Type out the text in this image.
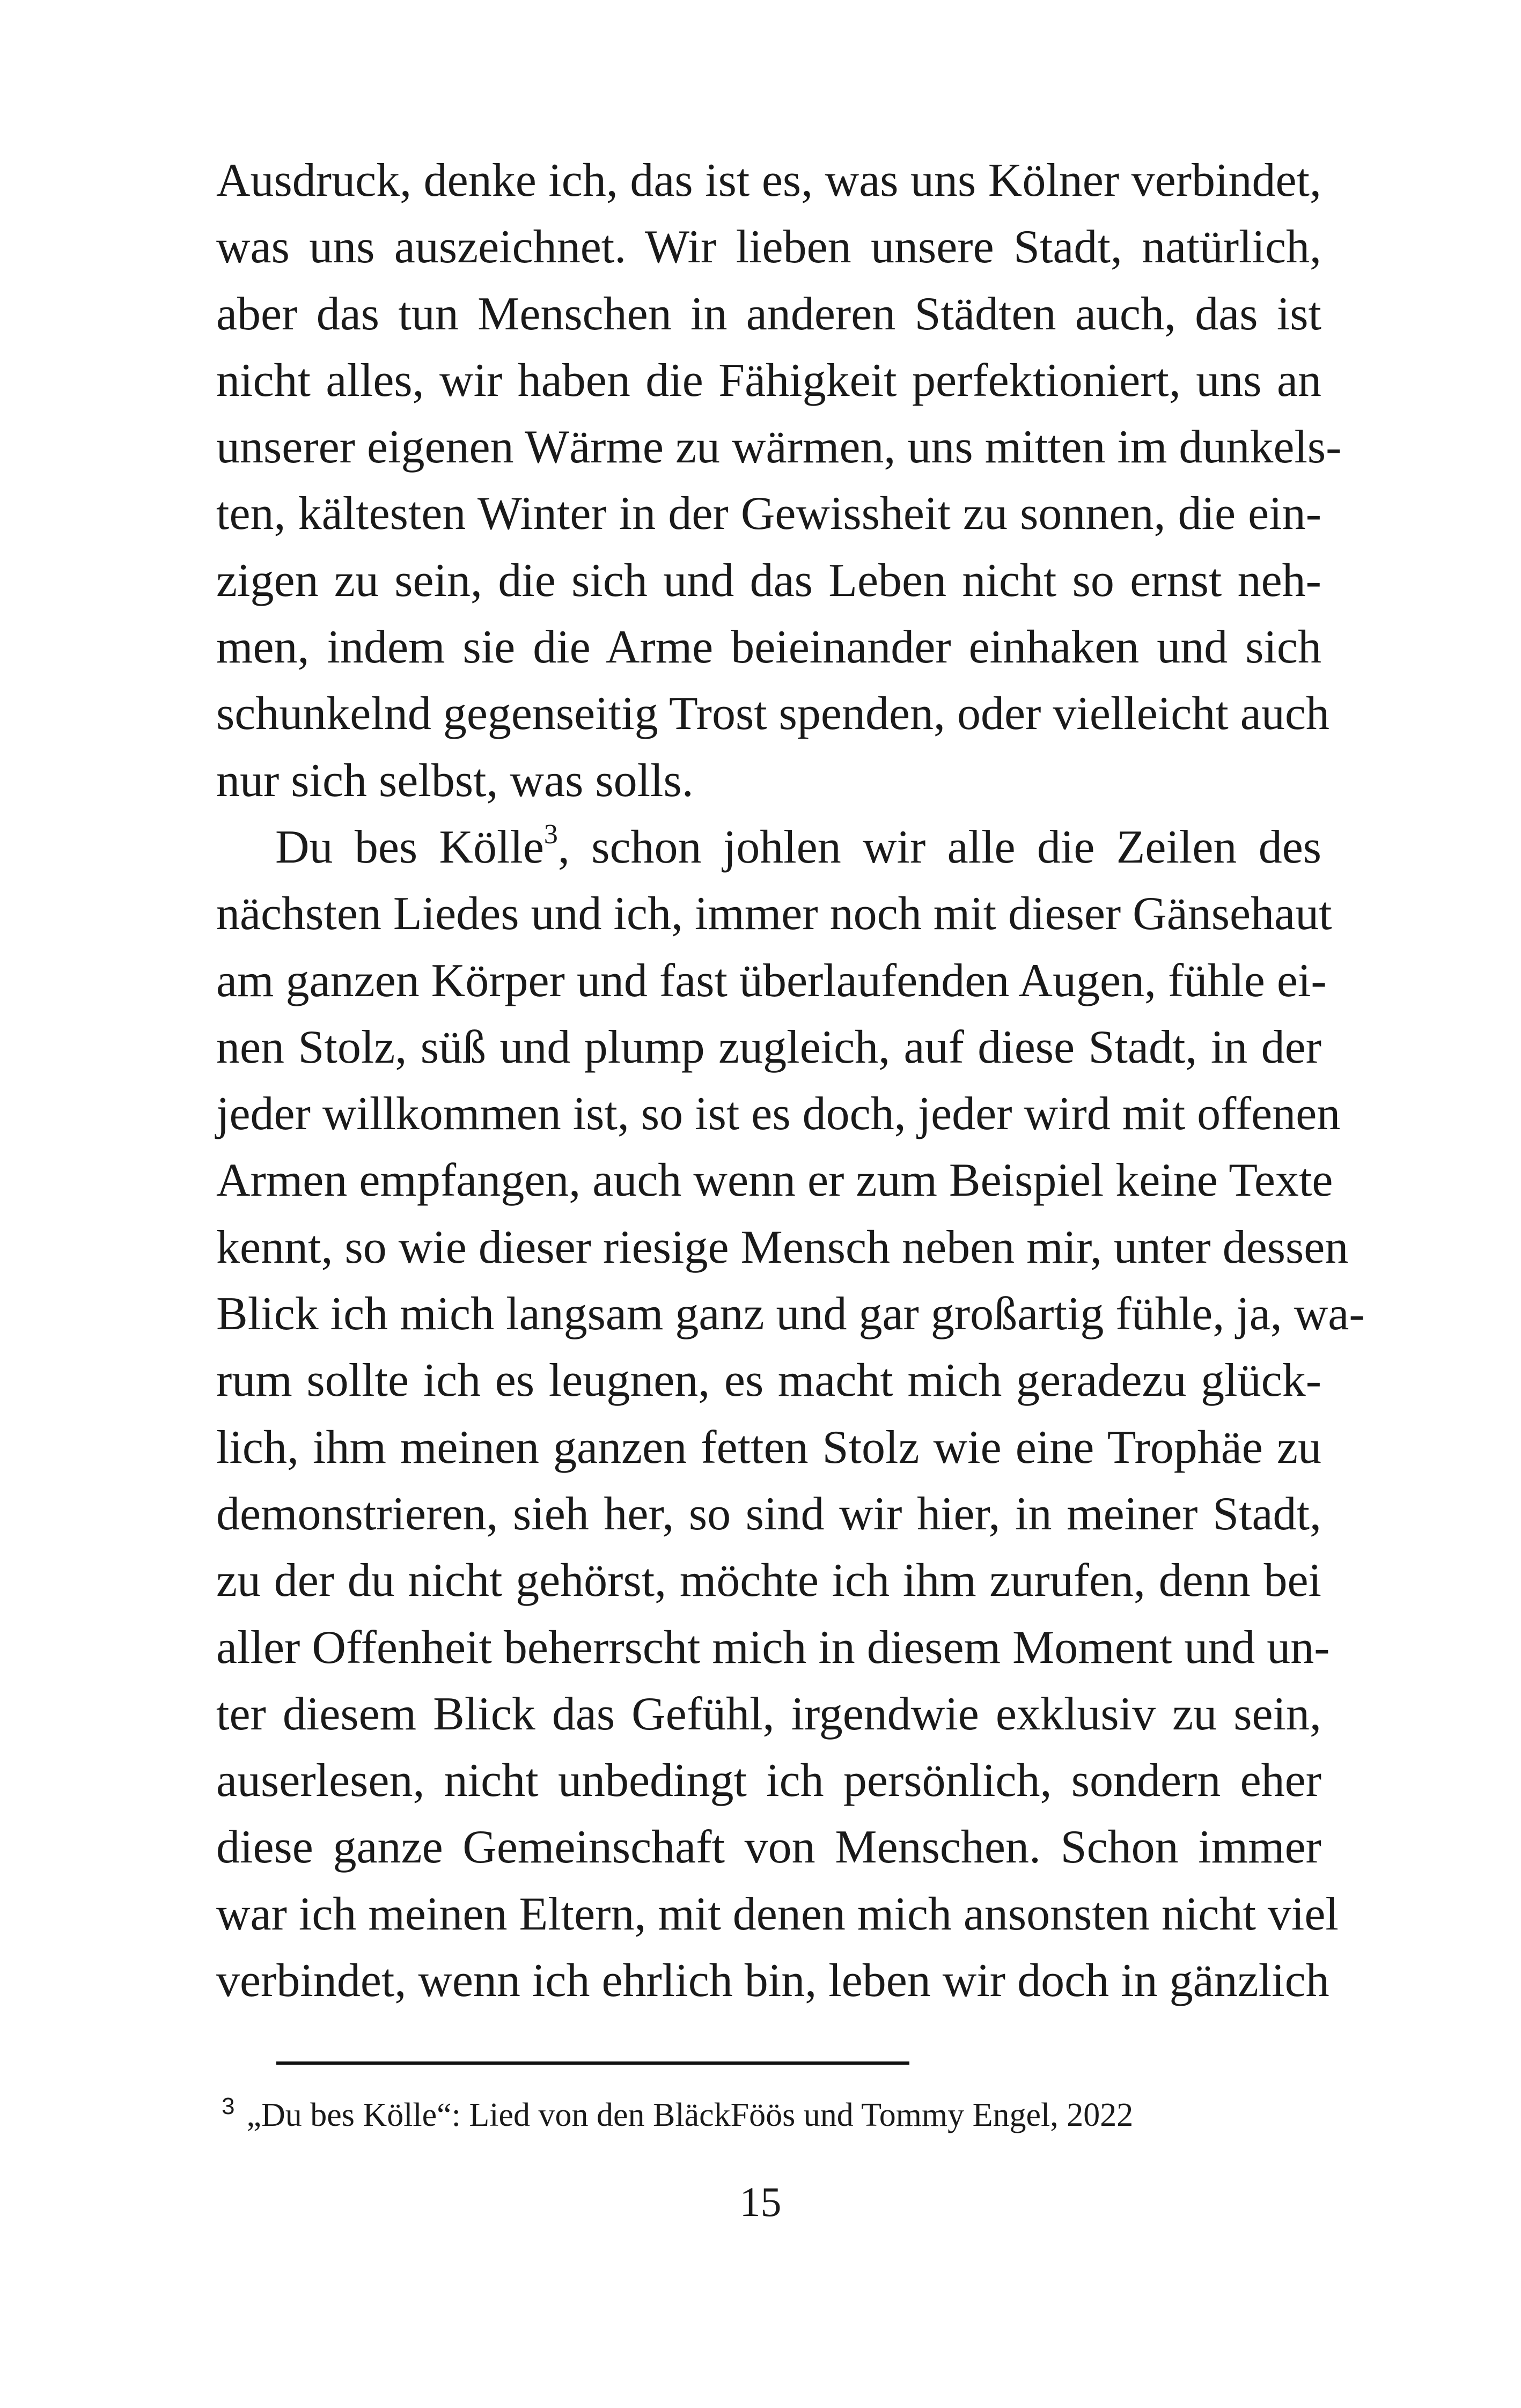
Ausdruck, denke ich, das ist es, was uns Kölner verbindet,
was uns auszeichnet. Wir lieben unsere Stadt, natürlich,
aber das tun Menschen in anderen Städten auch, das ist
nicht alles, wir haben die Fähigkeit perfektioniert, uns an
unserer eigenen Wärme zu wärmen, uns mitten im dunkels-
ten, kältesten Winter in der Gewissheit zu sonnen, die ein-
zigen zu sein, die sich und das Leben nicht so ernst neh-
men, indem sie die Arme beieinander einhaken und sich
schunkelnd gegenseitig Trost spenden, oder vielleicht auch
nur sich selbst, was solls.
Du bes Kölle$^3$, schon johlen wir alle die Zeilen des
nächsten Liedes und ich, immer noch mit dieser Gänsehaut
am ganzen Körper und fast überlaufenden Augen, fühle ei-
nen Stolz, süß und plump zugleich, auf diese Stadt, in der
jeder willkommen ist, so ist es doch, jeder wird mit offenen
Armen empfangen, auch wenn er zum Beispiel keine Texte
kennt, so wie dieser riesige Mensch neben mir, unter dessen
Blick ich mich langsam ganz und gar großartig fühle, ja, wa-
rum sollte ich es leugnen, es macht mich geradezu glück-
lich, ihm meinen ganzen fetten Stolz wie eine Trophäe zu
demonstrieren, sieh her, so sind wir hier, in meiner Stadt,
zu der du nicht gehörst, möchte ich ihm zurufen, denn bei
aller Offenheit beherrscht mich in diesem Moment und un-
ter diesem Blick das Gefühl, irgendwie exklusiv zu sein,
auserlesen, nicht unbedingt ich persönlich, sondern eher
diese ganze Gemeinschaft von Menschen. Schon immer
war ich meinen Eltern, mit denen mich ansonsten nicht viel
verbindet, wenn ich ehrlich bin, leben wir doch in gänzlich
$^3$ „Du bes Kölle“: Lied von den BläckFöös und Tommy Engel, 2022
15
